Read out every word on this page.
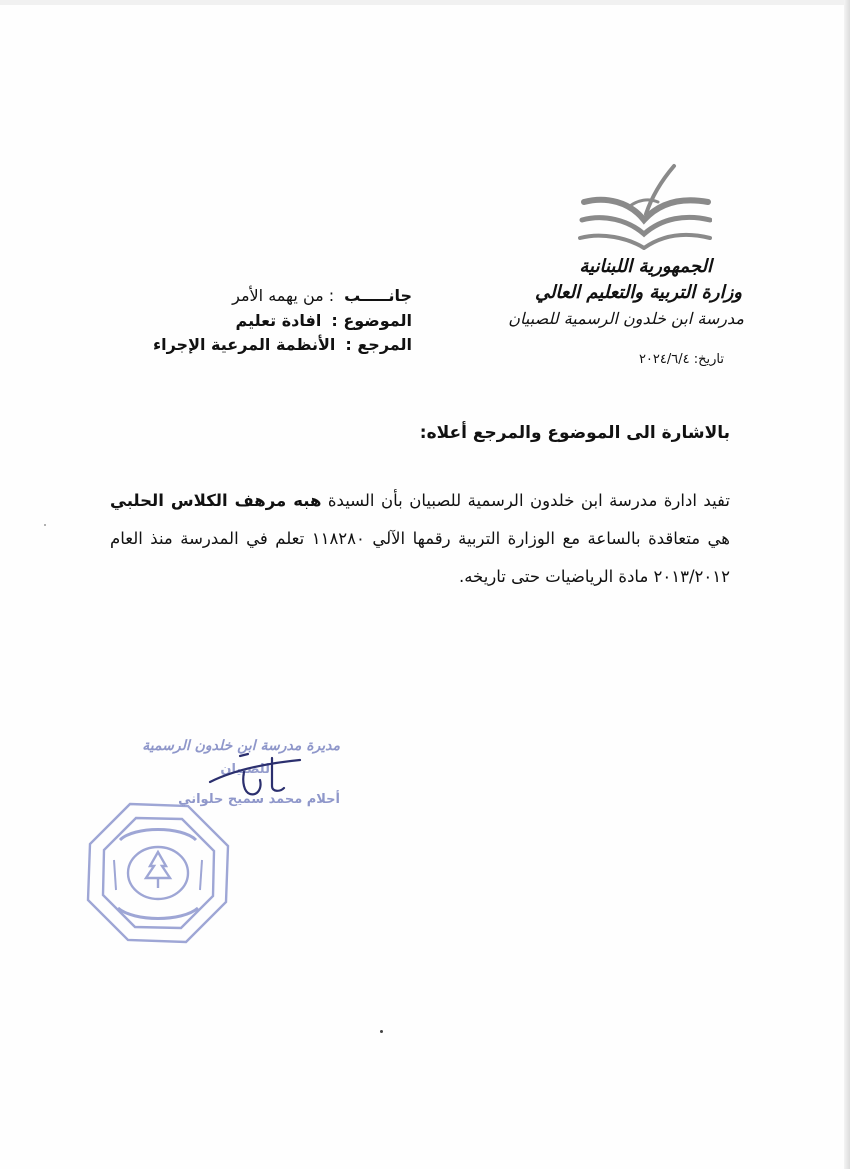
الجمهورية اللبنانية
وزارة التربية والتعليم العالي
مدرسة ابن خلدون الرسمية للصبيان
تاريخ: ٢٠٢٤/٦/٤
جانـــــب
: من يهمه الأمر
الموضوع :
افادة تعليم
المرجع :
الأنظمة المرعية الإجراء
بالاشارة الى الموضوع والمرجع أعلاه:
تفيد ادارة مدرسة ابن خلدون الرسمية للصبيان بأن السيدة هبه مرهف الكلاس الحلبي هي متعاقدة بالساعة مع الوزارة التربية رقمها الآلي ١١٨٢٨٠ تعلم في المدرسة منذ العام ٢٠١٣/٢٠١٢ مادة الرياضيات حتى تاريخه.
مديرة مدرسة ابن خلدون الرسمية
للصبيان
أحلام محمد سميح حلواني
